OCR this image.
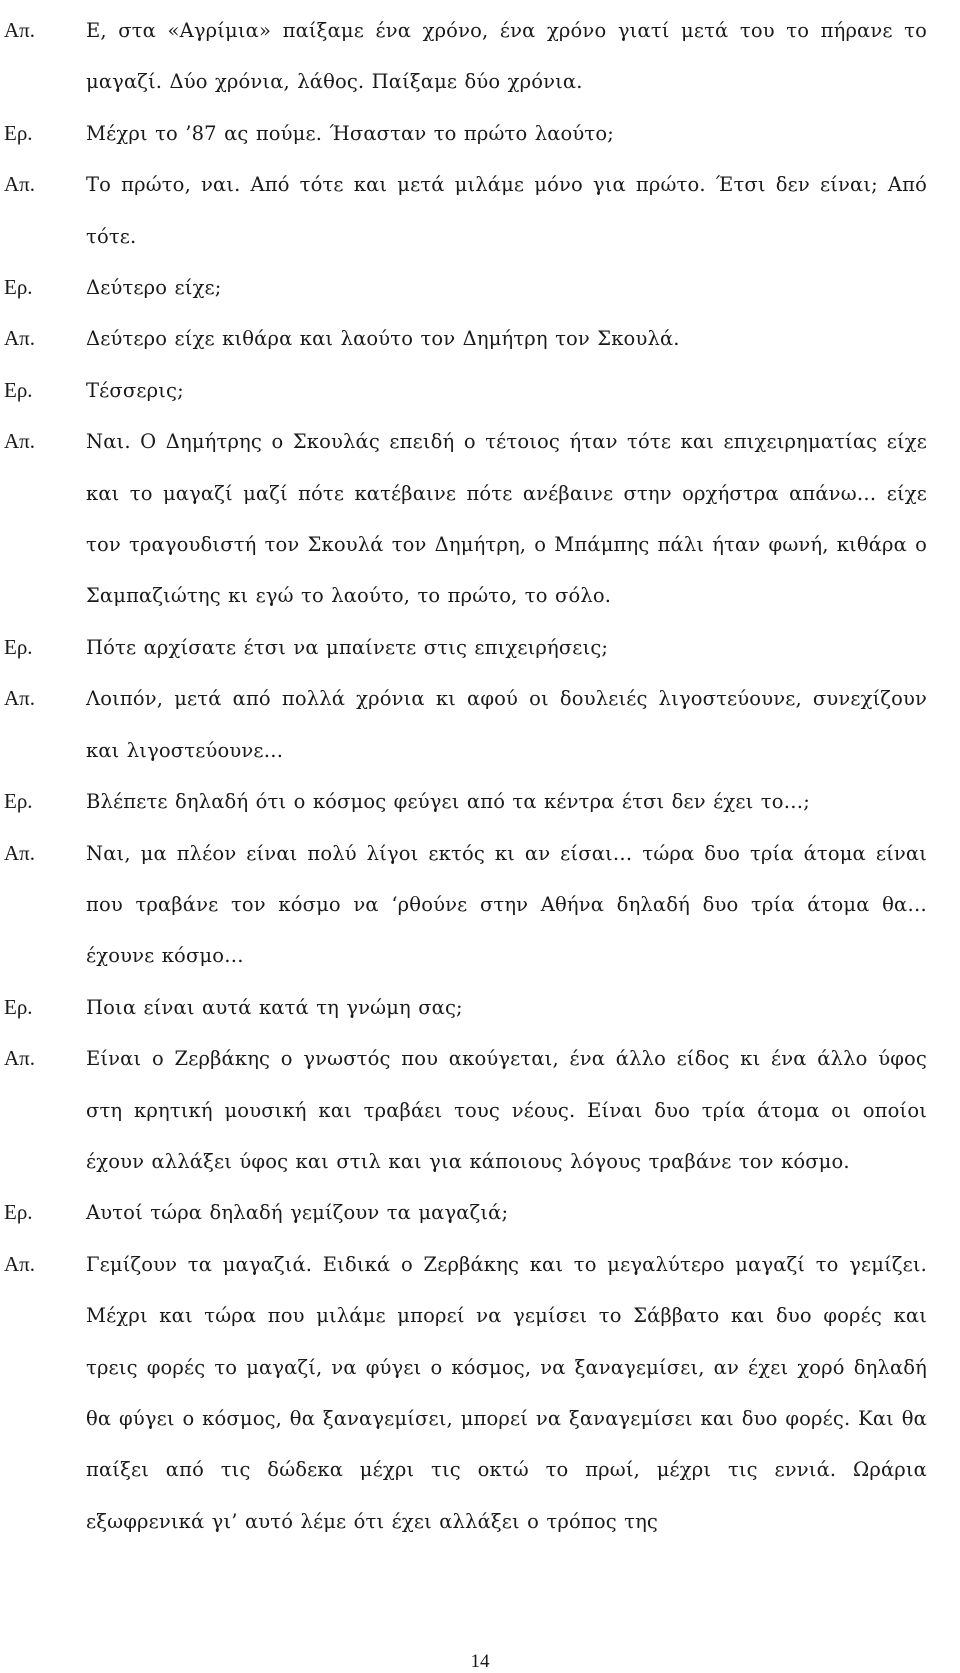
Απ.	Ε, στα «Αγρίμια» παίξαμε ένα χρόνο, ένα χρόνο γιατί μετά του το πήρανε το μαγαζί. Δύο χρόνια, λάθος. Παίξαμε δύο χρόνια.
Ερ.	Μέχρι το ’87 ας πούμε. Ήσασταν το πρώτο λαούτο;
Απ.	Το πρώτο, ναι. Από τότε και μετά μιλάμε μόνο για πρώτο. Έτσι δεν είναι; Από τότε.
Ερ.	Δεύτερο είχε;
Απ.	Δεύτερο είχε κιθάρα και λαούτο τον Δημήτρη τον Σκουλά.
Ερ.	Τέσσερις;
Απ.	Ναι. Ο Δημήτρης ο Σκουλάς επειδή ο τέτοιος ήταν τότε και επιχειρηματίας είχε και το μαγαζί μαζί πότε κατέβαινε πότε ανέβαινε στην ορχήστρα απάνω… είχε τον τραγουδιστή τον Σκουλά τον Δημήτρη, ο Μπάμπης πάλι ήταν φωνή, κιθάρα ο Σαμπαζιώτης κι εγώ το λαούτο, το πρώτο, το σόλο.
Ερ.	Πότε αρχίσατε έτσι να μπαίνετε στις επιχειρήσεις;
Απ.	Λοιπόν, μετά από πολλά χρόνια κι αφού οι δουλειές λιγοστεύουνε, συνεχίζουν και λιγοστεύουνε…
Ερ.	Βλέπετε δηλαδή ότι ο κόσμος φεύγει από τα κέντρα έτσι δεν έχει το…;
Απ.	Ναι, μα πλέον είναι πολύ λίγοι εκτός κι αν είσαι… τώρα δυο τρία άτομα είναι που τραβάνε τον κόσμο να ‘ρθούνε στην Αθήνα δηλαδή δυο τρία άτομα θα… έχουνε κόσμο…
Ερ.	Ποια είναι αυτά κατά τη γνώμη σας;
Απ.	Είναι ο Ζερβάκης ο γνωστός που ακούγεται, ένα άλλο είδος κι ένα άλλο ύφος στη κρητική μουσική και τραβάει τους νέους. Είναι δυο τρία άτομα οι οποίοι έχουν αλλάξει ύφος και στιλ και για κάποιους λόγους τραβάνε τον κόσμο.
Ερ.	Αυτοί τώρα δηλαδή γεμίζουν τα μαγαζιά;
Απ.	Γεμίζουν τα μαγαζιά. Ειδικά ο Ζερβάκης και το μεγαλύτερο μαγαζί το γεμίζει. Μέχρι και τώρα που μιλάμε μπορεί να γεμίσει το Σάββατο και δυο φορές και τρεις φορές το μαγαζί, να φύγει ο κόσμος, να ξαναγεμίσει, αν έχει χορό δηλαδή θα φύγει ο κόσμος, θα ξαναγεμίσει, μπορεί να ξαναγεμίσει και δυο φορές. Και θα παίξει από τις δώδεκα μέχρι τις οκτώ το πρωί, μέχρι τις εννιά. Ωράρια εξωφρενικά γι’ αυτό λέμε ότι έχει αλλάξει ο τρόπος της
14
